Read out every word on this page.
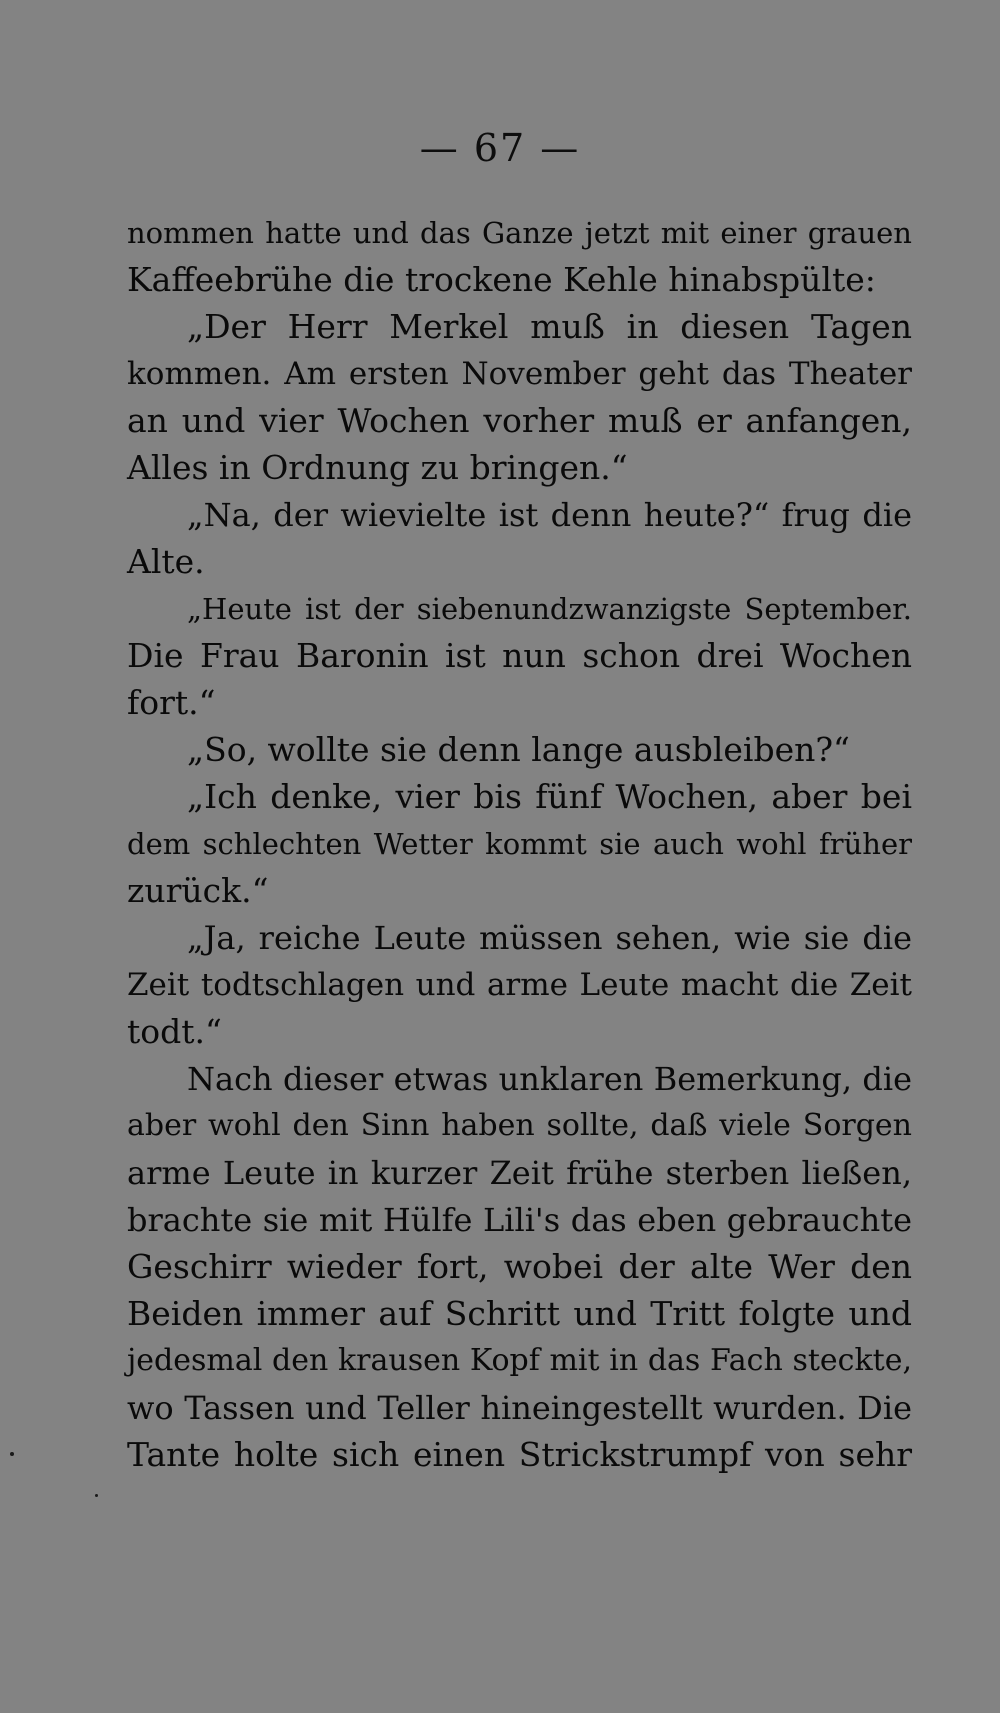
— 67 —
nommen hatte und das Ganze jetzt mit einer grauen
Kaffeebrühe die trockene Kehle hinabspülte:
„Der Herr Merkel muß in diesen Tagen
kommen. Am ersten November geht das Theater
an und vier Wochen vorher muß er anfangen,
Alles in Ordnung zu bringen.“
„Na, der wievielte ist denn heute?“ frug die
Alte.
„Heute ist der siebenundzwanzigste September.
Die Frau Baronin ist nun schon drei Wochen
fort.“
„So, wollte sie denn lange ausbleiben?“
„Ich denke, vier bis fünf Wochen, aber bei
dem schlechten Wetter kommt sie auch wohl früher
zurück.“
„Ja, reiche Leute müssen sehen, wie sie die
Zeit todtschlagen und arme Leute macht die Zeit
todt.“
Nach dieser etwas unklaren Bemerkung, die
aber wohl den Sinn haben sollte, daß viele Sorgen
arme Leute in kurzer Zeit frühe sterben ließen,
brachte sie mit Hülfe Lili's das eben gebrauchte
Geschirr wieder fort, wobei der alte Wer den
Beiden immer auf Schritt und Tritt folgte und
jedesmal den krausen Kopf mit in das Fach steckte,
wo Tassen und Teller hineingestellt wurden. Die
Tante holte sich einen Strickstrumpf von sehr
